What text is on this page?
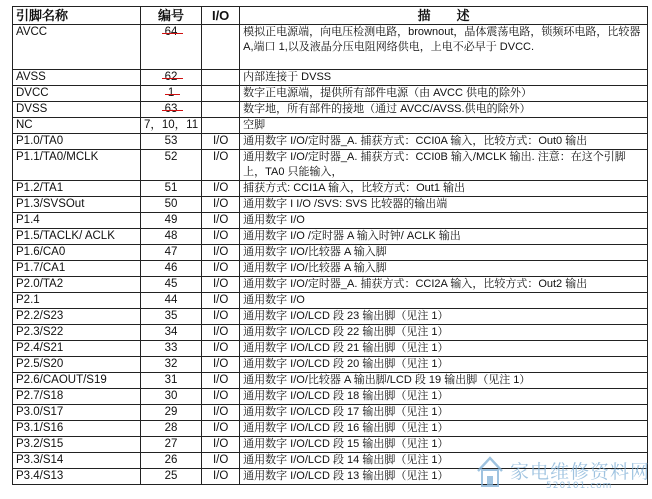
引脚名称	编号	I/O	描　　述
AVCC	64		模拟正电源端，向电压检测电路，brownout，晶体震荡电路，锁频环电路，比较器 A,端口 1,以及液晶分压电阻网络供电，上电不必早于 DVCC.
AVSS	62		内部连接于 DVSS
DVCC	1		数字正电源端，提供所有部件电源（由 AVCC 供电的除外）
DVSS	63		数字地，所有部件的接地（通过 AVCC/AVSS.供电的除外）
NC	7，10，11		空脚
P1.0/TA0	53	I/O	通用数字 I/O/定时器_A. 捕获方式：CCI0A 输入，比较方式：Out0 输出
P1.1/TA0/MCLK	52	I/O	通用数字 I/O/定时器_A. 捕获方式：CCI0B 输入/MCLK 输出. 注意：在这个引脚上，TA0 只能输入，
P1.2/TA1	51	I/O	捕获方式: CCI1A 输入，比较方式：Out1 输出
P1.3/SVSOut	50	I/O	通用数字 I I/O /SVS: SVS 比较器的输出端
P1.4	49	I/O	通用数字 I/O
P1.5/TACLK/ ACLK	48	I/O	通用数字 I/O /定时器 A 输入时钟/ ACLK 输出
P1.6/CA0	47	I/O	通用数字 I/O/比较器 A 输入脚
P1.7/CA1	46	I/O	通用数字 I/O/比较器 A 输入脚
P2.0/TA2	45	I/O	通用数字 I/O/定时器_A. 捕获方式：CCI2A 输入，比较方式：Out2 输出
P2.1	44	I/O	通用数字 I/O
P2.2/S23	35	I/O	通用数字 I/O/LCD 段 23 输出脚（见注 1）
P2.3/S22	34	I/O	通用数字 I/O/LCD 段 22 输出脚（见注 1）
P2.4/S21	33	I/O	通用数字 I/O/LCD 段 21 输出脚（见注 1）
P2.5/S20	32	I/O	通用数字 I/O/LCD 段 20 输出脚（见注 1）
P2.6/CAOUT/S19	31	I/O	通用数字 I/O/比较器 A 输出脚/LCD 段 19 输出脚（见注 1）
P2.7/S18	30	I/O	通用数字 I/O/LCD 段 18 输出脚（见注 1）
P3.0/S17	29	I/O	通用数字 I/O/LCD 段 17 输出脚（见注 1）
P3.1/S16	28	I/O	通用数字 I/O/LCD 段 16 输出脚（见注 1）
P3.2/S15	27	I/O	通用数字 I/O/LCD 段 15 输出脚（见注 1）
P3.3/S14	26	I/O	通用数字 I/O/LCD 段 14 输出脚（见注 1）
P3.4/S13	25	I/O	通用数字 I/O/LCD 段 13 输出脚（见注 1）	家电维修资料网
520101.com
